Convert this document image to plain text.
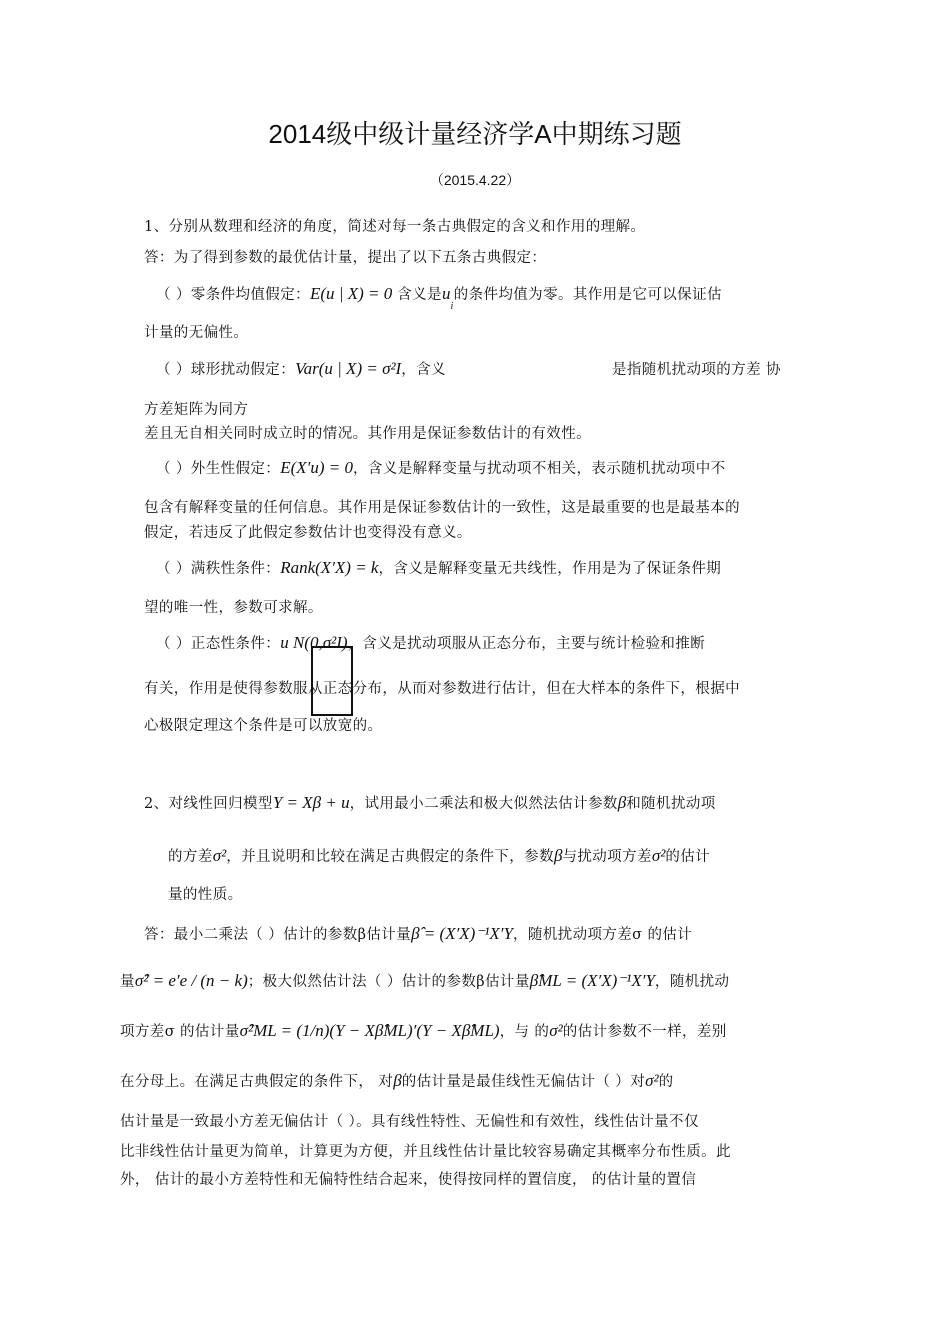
2014级中级计量经济学A中期练习题
（2015.4.22）
1、分别从数理和经济的角度，简述对每一条古典假定的含义和作用的理解。
答：为了得到参数的最优估计量，提出了以下五条古典假定：
（ ）零条件均值假定：E(u | X) = 0 含义是$u_i$的条件均值为零。其作用是它可以保证估
计量的无偏性。
（ ）球形扰动假定：Var(u | X) = σ²I，含义	是指随机扰动项的方差 协
方差矩阵为同方
差且无自相关同时成立时的情况。其作用是保证参数估计的有效性。
（ ）外生性假定：E(X′u) = 0，含义是解释变量与扰动项不相关，表示随机扰动项中不
包含有解释变量的任何信息。其作用是保证参数估计的一致性，这是最重要的也是最基本的
假定，若违反了此假定参数估计也变得没有意义。
（ ）满秩性条件：Rank(X′X) = k，含义是解释变量无共线性，作用是为了保证条件期
望的唯一性，参数可求解。
（ ）正态性条件：u N(0,σ²I)，含义是扰动项服从正态分布，主要与统计检验和推断
有关，作用是使得参数服从正态分布，从而对参数进行估计，但在大样本的条件下，根据中
心极限定理这个条件是可以放宽的。
2、对线性回归模型Y = Xβ + u，试用最小二乘法和极大似然法估计参数β和随机扰动项
的方差σ²，并且说明和比较在满足古典假定的条件下，参数β与扰动项方差σ²的估计
量的性质。
答：最小二乘法（ ）估计的参数β估计量β̂ = (X′X)⁻¹X′Y，随机扰动项方差σ 的估计
量σ̂² = e′e / (n − k)；极大似然估计法（ ）估计的参数β估计量β̂ML = (X′X)⁻¹X′Y，随机扰动
项方差σ 的估计量σ̂²ML = (1/n)(Y − Xβ̂ML)′(Y − Xβ̂ML)，与 的σ²的估计参数不一样，差别
在分母上。在满足古典假定的条件下， 对β的估计量是最佳线性无偏估计（ ）对σ²的
估计量是一致最小方差无偏估计（ ）。具有线性特性、无偏性和有效性，线性估计量不仅
比非线性估计量更为简单，计算更为方便，并且线性估计量比较容易确定其概率分布性质。此
外， 估计的最小方差特性和无偏特性结合起来，使得按同样的置信度， 的估计量的置信
